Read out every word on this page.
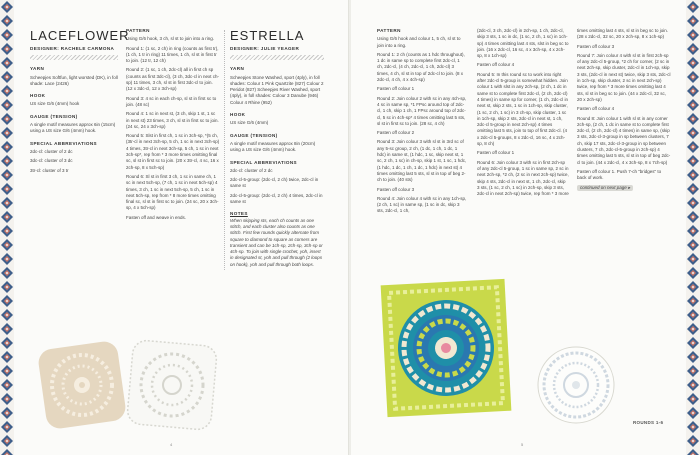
LACEFLOWER
DESIGNER: RACHELE CARMONA
YARN
Scheepjes Softfun, light worsted (DK), in foll shade: Lace (2426)
HOOK
US size G/6 (4mm) hook
GAUGE (TENSION)
A single motif measures approx 6in (15cm) using a US size G/6 (4mm) hook.
SPECIAL ABBREVIATIONS
2dc-cl: cluster of 2 dc
3dc-cl: cluster of 3 dc
3tr-cl: cluster of 3 tr
PATTERN
Using G/6 hook, 3 ch, sl st to join into a ring.
Round 1: (1 sc, 2 ch) in ring (counts as first tr), (1 ch, 1 tr in ring) 11 times, 1 ch, sl st in first tr to join. (12 tr, 12 ch)
Round 2: (1 sc, 1 ch, 2dc-cl) all in first ch sp (counts as first 3dc-cl), (3 ch, 3dc-cl in next ch-sp) 11 times, 3 ch, sl st in first 3dc-cl to join. (12 x 3dc-cl, 12 x 3ch-sp)
Round 3: 4 sc in each ch-sp, sl st in first sc to join. (48 sc)
Round 4: 1 sc in next st, (3 ch, skip 1 st, 1 sc in next st) 23 times, 3 ch, sl st in first sc to join. (24 sc, 24 x 3ch-sp)
Round 5: Slst in first ch, 1 sc in 3ch-sp, *(5 ch, (3tr-cl in next 3ch-sp, 5 ch, 1 sc in next 3ch-sp) 4 times, 3tr-cl in next 3ch-sp, 5 ch, 1 sc in next 3ch-sp*, rep from * 3 more times omitting final sc, sl st in first sc to join. (20 x 3tr-cl, 4 sc, 16 x 2ch-sp, 8 x 5ch-sp)
Round 6: Sl st in first 3 ch, 1 sc in same ch, 1 sc in next 5ch-sp, (7 ch, 1 sc in next 5ch-sp) 4 times, 3 ch, 1 sc in next 5ch-sp, 5 ch, 1 sc in next 5ch-sp, rep from * 8 more times omitting final sc, sl st in first sc to join. (24 sc, 20 x 3ch-sp, 4 x 5ch-sp)
Fasten off and weave in ends.
ESTRELLA
DESIGNER: JULIE YEAGER
YARN
Scheepjes Stone Washed, sport (4ply), in foll shades: Colour 1 Pink Quartzite (827) Colour 2 Peridot (827) Scheepjes River Washed, sport (4ply), in foll shades: Colour 3 Danube (946) Colour 4 Rhine (952)
HOOK
US size G/6 (4mm)
GAUGE (TENSION)
A single motif measures approx 8in (20cm) using a US size G/6 (4mm) hook.
SPECIAL ABBREVIATIONS
2dc-cl: cluster of 2 dc
2dc-cl-5-group: (2dc-cl, 2 ch) twice, 2dc-cl in same st
2dc-cl-5-group: (2dc-cl, 2 ch) 4 times, 2dc-cl in same st
NOTES
When skipping sts, each ch counts as one stitch, and each cluster also counts as one stitch. First few rounds quickly alternate from square to diamond to square as corners are transient and can be 1ch-sp, 2ch-sp, 3ch-sp or 4ch-sp. To join with single crochet, yoh, insert in designated st, yoh and pull through (2 loops on hook), yoh and pull through both loops.
4
PATTERN
Using G/6 hook and colour 1, 5 ch, sl st to join into a ring.
Round 1: 2 ch (counts as 1 hdc throughout), 1 dc in same sp to complete first 2dc-cl, 1 ch, 2dc-cl, (4 ch, 2dc-cl, 1 ch, 2dc-cl) 3 times, 4 ch, sl st in top of 2dc-cl to join. (8 x 2dc-cl, 4 ch, 4 x 4ch-sp)
Fasten off colour 1
Round 2: Join colour 2 with sc in any 4ch-sp, 4 sc in same sp, *1 FPsc around top of 2dc-cl, 1 ch, skip 1 ch, 1 FPsc around top of 2dc-cl, 5 sc in 4ch-sp* 4 times omitting last 5 sts, sl st in first sc to join. (28 sc, 4 ch)
Fasten off colour 2
Round 3: Join colour 3 with sl st in 3rd sc of any 5-sc group, 2 ch, (1 dc, 1 ch, 1 dc, 1 hdc) in same st, (1 hdc, 1 sc, skip next st, 1 sc, 2 ch, 1 sc) in ch-sp, skip 1 st, 1 sc, 1 hdc, (1 hdc, 1 dc, 1 ch, 1 dc, 1 hdc) in next st) 4 times omitting last 5 sts, sl st in top of beg 2-ch to join. (40 sts)
Fasten off colour 3
Round 4: Join colour 4 with sc in any 1ch-sp, (2 ch, 1 sc) in same sp, (1 sc in dc, skip 3 sts, 2dc-cl, 1 ch,
(2dc-cl, 3 ch, 2dc-cl) in 2ch-sp, 1 ch, 2dc-cl, skip 3 sts, 1 sc in dc, (1 sc, 2 ch, 1 sc) in 1ch-sp) 4 times omitting last 4 sts, slst in beg sc to join. (16 x 2dc-cl, 16 sc, 4 x 3ch-sp, 4 x 2ch-sp, 8 x 1ch-sp)
Fasten off colour 4
Round 5: In this round sc to work into right after 2dc-cl 5-group is somewhat hidden. Join colour 1 with slst in any 2ch-sp, (2 ch, 1 dc in same st to complete first 2dc-cl, (2 ch, 2dc-cl) 4 times) in same sp for corner, (1 ch, 2dc-cl in next st, skip 2 sts, 1 sc in 1ch-sp, skip cluster, (1 sc, 2 ch, 1 sc) in 3 ch-sp, skip cluster, 1 sc in 1ch-sp, skip 2 sts, 2dc-cl in next st, 1 ch, 2dc-cl 5-group in next 2ch-sp) 4 times omitting last 5 sts, join to top of first 2dc-cl. (4 x 2dc-cl 5-groups, 8 x 2dc-cl, 16 sc, 4 x 2ch-sp, 8 ch)
Fasten off colour 1
Round 6: Join colour 3 with sc in first 2ch-sp of any 2dc-cl 5-group, 1 sc in same sp, 2 sc in next 2ch-sp, *2 ch, (2 sc in next 2ch-sp) twice, skip 4 sts, 2dc-cl in next st, 1 ch, 2dc-cl, skip 3 sts, (1 sc, 2 ch, 1 sc) in 2ch-sp, skip 3 sts, 2dc-cl in next 2ch-sp) twice, rep from * 3 more
times omitting last 4 sts, sl st in beg sc to join. (28 x 2dc-cl, 32 sc, 20 x 2ch-sp, 8 x 1ch-sp)
Fasten off colour 3
Round 7: Join colour 4 with sl st in first 2ch-sp of any 2dc-cl 5-group, *2 ch for corner, (2 sc in next 2ch-sp, skip cluster, 2dc-cl in 1ch-sp, skip 3 sts, (2dc-cl in next st) twice, skip 3 sts, 2dc-cl in 1ch-sp, skip cluster, 2 sc in next 2ch-sp) twice, rep from * 3 more times omitting last 4 sts, sl st in beg sc to join. (44 x 2dc-cl, 32 sc, 20 x 2ch-sp)
Fasten off colour 4
Round 8: Join colour 1 with sl st in any corner 2ch-sp, (2 ch, 1 dc in same st to complete first 2dc-cl, (2 ch, 2dc-cl) 4 times) in same sp, (skip 3 sts, 2dc-cl-3-group in sp between clusters, 7 ch, skip 17 sts, 2dc-cl-3-group in sp between clusters, 7 ch, 2dc-cl-5-group in 2ch-sp) 4 times omitting last 5 sts, sl st in top of beg 2dc-cl to join. (44 x 2dc-cl, 4 x 3ch-sp, 8 x 7ch-sp)
Fasten off colour 1. Push 7-ch "bridges" to back of work.
continued on next page ▸
ROUNDS 1-6
5
